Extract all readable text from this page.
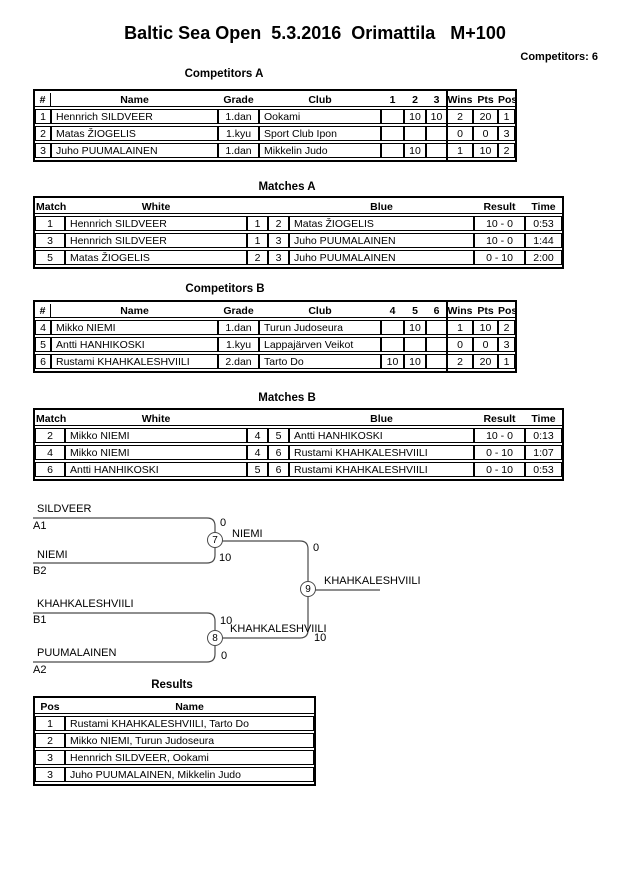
Baltic Sea Open  5.3.2016  Orimattila   M+100
Competitors: 6
Competitors A
#	Name	Grade	Club	1	2	3	Wins	Pts	Pos
1	Hennrich SILDVEER	1.dan	Ookami		10	10	2	20	1
2	Matas ŽIOGELIS	1.kyu	Sport Club Ipon				0	0	3
3	Juho PUUMALAINEN	1.dan	Mikkelin Judo		10		1	10	2
Matches A
Match	White			Blue	Result	Time
1	Hennrich SILDVEER	1	2	Matas ŽIOGELIS	10 - 0	0:53
3	Hennrich SILDVEER	1	3	Juho PUUMALAINEN	10 - 0	1:44
5	Matas ŽIOGELIS	2	3	Juho PUUMALAINEN	0 - 10	2:00
Competitors B
#	Name	Grade	Club	4	5	6	Wins	Pts	Pos
4	Mikko NIEMI	1.dan	Turun Judoseura		10		1	10	2
5	Antti HANHIKOSKI	1.kyu	Lappajärven Veikot				0	0	3
6	Rustami KHAHKALESHVIILI	2.dan	Tarto Do	10	10		2	20	1
Matches B
Match	White			Blue	Result	Time
2	Mikko NIEMI	4	5	Antti HANHIKOSKI	10 - 0	0:13
4	Mikko NIEMI	4	6	Rustami KHAHKALESHVIILI	0 - 10	1:07
6	Antti HANHIKOSKI	5	6	Rustami KHAHKALESHVIILI	0 - 10	0:53
SILDVEER
A1	0
NIEMI
B2
10
7
NIEMI
0
9
KHAHKALESHVIILI
KHAHKALESHVIILI
B1	10
8
KHAHKALESHVIILI
10
PUUMALAINEN
A2
0
Results
Pos	Name
1	Rustami KHAHKALESHVIILI, Tarto Do
2	Mikko NIEMI, Turun Judoseura
3	Hennrich SILDVEER, Ookami
3	Juho PUUMALAINEN, Mikkelin Judo
